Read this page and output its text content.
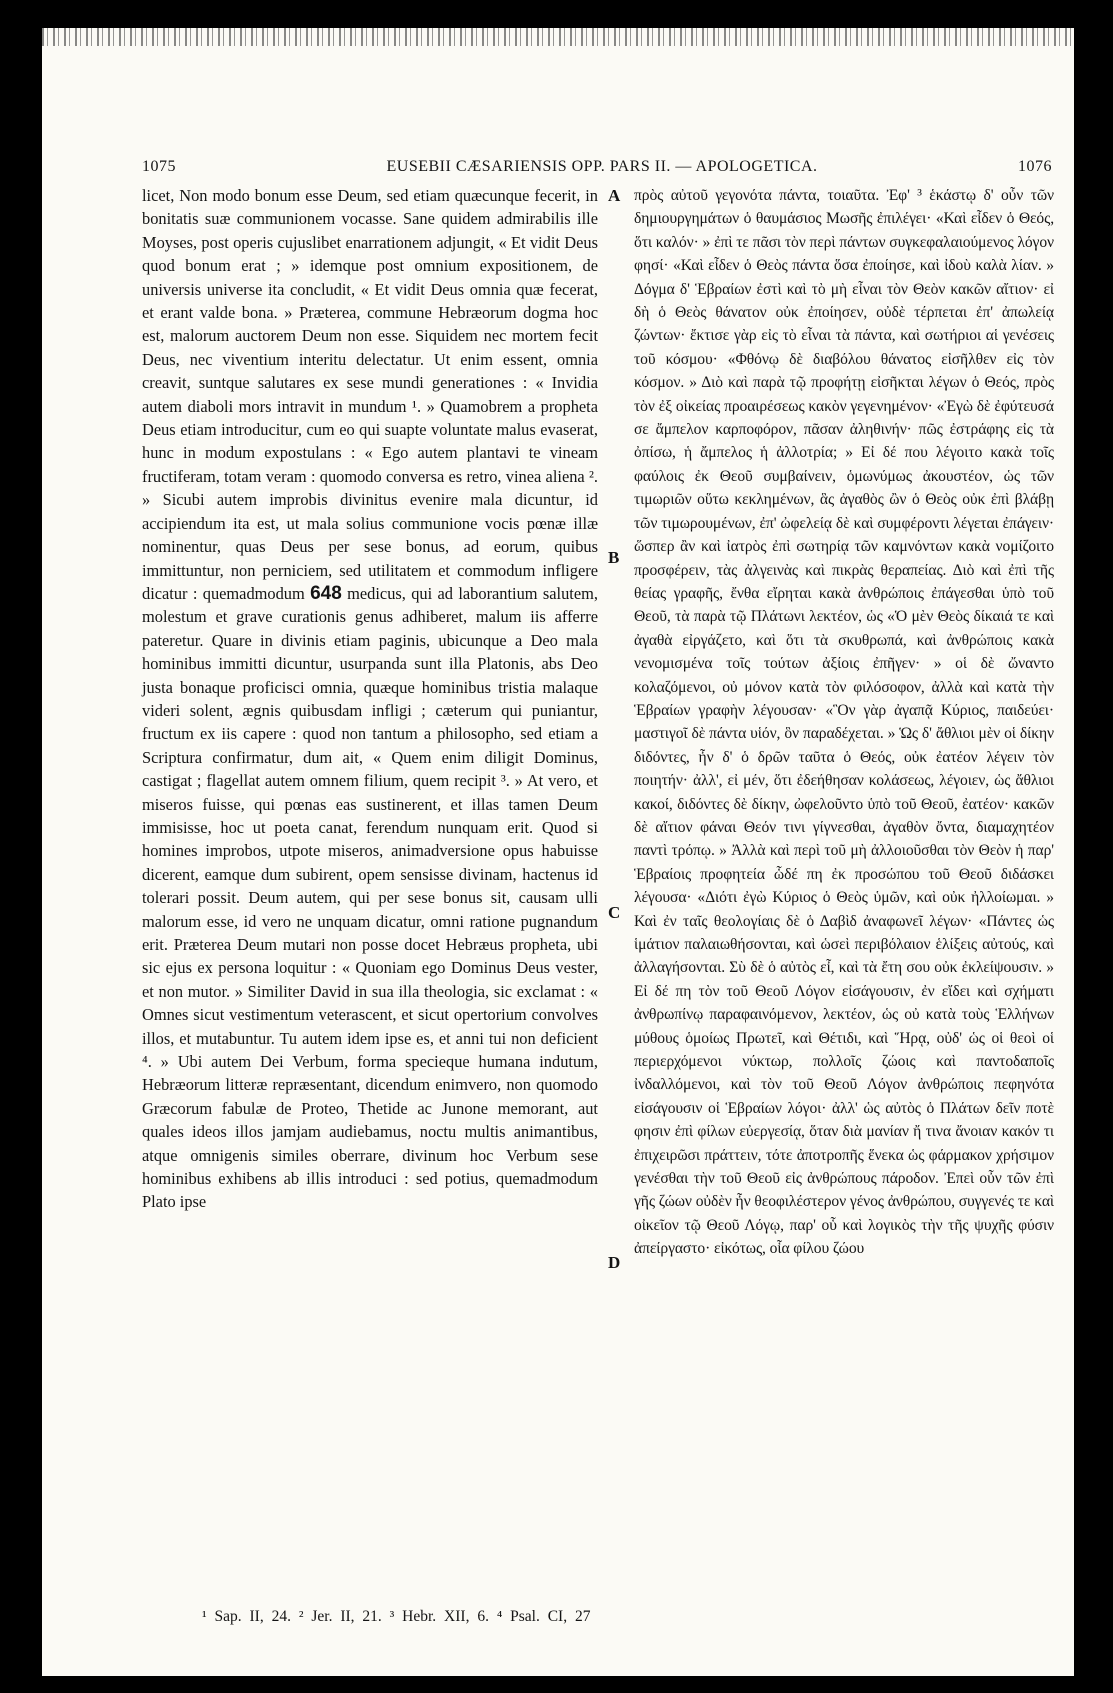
1075	EUSEBII CÆSARIENSIS OPP. PARS II. — APOLOGETICA.	1076

licet, Non modo bonum esse Deum, sed etiam quæcunque fecerit, in bonitatis suæ communionem vocasse. Sane quidem admirabilis ille Moyses, post operis cujuslibet enarrationem adjungit, « Et vidit Deus quod bonum erat ; » idemque post omnium expositionem, de universis universe ita concludit, « Et vidit Deus omnia quæ fecerat, et erant valde bona. » Præterea, commune Hebræorum dogma hoc est, malorum auctorem Deum non esse. Siquidem nec mortem fecit Deus, nec viventium interitu delectatur. Ut enim essent, omnia creavit, suntque salutares ex sese mundi generationes : « Invidia autem diaboli mors intravit in mundum ¹. » Quamobrem a propheta Deus etiam introducitur, cum eo qui suapte voluntate malus evaserat, hunc in modum expostulans : « Ego autem plantavi te vineam fructiferam, totam veram : quomodo conversa es retro, vinea aliena ². » Sicubi autem improbis divinitus evenire mala dicuntur, id accipiendum ita est, ut mala solius communione vocis pœnæ illæ nominentur, quas Deus per sese bonus, ad eorum, quibus immittuntur, non perniciem, sed utilitatem et commodum infligere dicatur : quemadmodum 648 medicus, qui ad laborantium salutem, molestum et grave curationis genus adhiberet, malum iis afferre pateretur. Quare in divinis etiam paginis, ubicunque a Deo mala hominibus immitti dicuntur, usurpanda sunt illa Platonis, abs Deo justa bonaque proficisci omnia, quæque hominibus tristia malaque videri solent, ægnis quibusdam infligi ; cæterum qui puniantur, fructum ex iis capere : quod non tantum a philosopho, sed etiam a Scriptura confirmatur, dum ait, « Quem enim diligit Dominus, castigat ; flagellat autem omnem filium, quem recipit ³. » At vero, et miseros fuisse, qui pœnas eas sustinerent, et illas tamen Deum immisisse, hoc ut poeta canat, ferendum nunquam erit. Quod si homines improbos, utpote miseros, animadversione opus habuisse dicerent, eamque dum subirent, opem sensisse divinam, hactenus id tolerari possit. Deum autem, qui per sese bonus sit, causam ulli malorum esse, id vero ne unquam dicatur, omni ratione pugnandum erit. Præterea Deum mutari non posse docet Hebræus propheta, ubi sic ejus ex persona loquitur : « Quoniam ego Dominus Deus vester, et non mutor. » Similiter David in sua illa theologia, sic exclamat : « Omnes sicut vestimentum veterascent, et sicut opertorium convolves illos, et mutabuntur. Tu autem idem ipse es, et anni tui non deficient ⁴. » Ubi autem Dei Verbum, forma specieque humana indutum, Hebræorum litteræ repræsentant, dicendum enimvero, non quomodo Græcorum fabulæ de Proteo, Thetide ac Junone memorant, aut quales ideos illos jamjam audiebamus, noctu multis animantibus, atque omnigenis similes oberrare, divinum hoc Verbum sese hominibus exhibens ab illis introduci : sed potius, quemadmodum Plato ipse

A
B
C
D

πρὸς αὐτοῦ γεγονότα πάντα, τοιαῦτα. Ἐφ' ³ ἑκάστῳ δ' οὖν τῶν δημιουργημάτων ὁ θαυμάσιος Μωσῆς ἐπιλέγει· «Καὶ εἶδεν ὁ Θεός, ὅτι καλόν· » ἐπὶ τε πᾶσι τὸν περὶ πάντων συγκεφαλαιούμενος λόγον φησί· «Καὶ εἶδεν ὁ Θεὸς πάντα ὅσα ἐποίησε, καὶ ἰδοὺ καλὰ λίαν. » Δόγμα δ' Ἑβραίων ἐστὶ καὶ τὸ μὴ εἶναι τὸν Θεὸν κακῶν αἴτιον· εἰ δὴ ὁ Θεὸς θάνατον οὐκ ἐποίησεν, οὐδὲ τέρπεται ἐπ' ἀπωλείᾳ ζώντων· ἔκτισε γὰρ εἰς τὸ εἶναι τὰ πάντα, καὶ σωτήριοι αἱ γενέσεις τοῦ κόσμου· «Φθόνῳ δὲ διαβόλου θάνατος εἰσῆλθεν εἰς τὸν κόσμον. » Διὸ καὶ παρὰ τῷ προφήτῃ εἰσῆκται λέγων ὁ Θεός, πρὸς τὸν ἐξ οἰκείας προαιρέσεως κακὸν γεγενημένον· «Ἐγὼ δὲ ἐφύτευσά σε ἄμπελον καρποφόρον, πᾶσαν ἀληθινήν· πῶς ἐστράφης εἰς τὰ ὀπίσω, ἡ ἄμπελος ἡ ἀλλοτρία; » Εἰ δέ που λέγοιτο κακὰ τοῖς φαύλοις ἐκ Θεοῦ συμβαίνειν, ὁμωνύμως ἀκουστέον, ὡς τῶν τιμωριῶν οὕτω κεκλημένων, ἃς ἀγαθὸς ὢν ὁ Θεὸς οὐκ ἐπὶ βλάβῃ τῶν τιμωρουμένων, ἐπ' ὠφελείᾳ δὲ καὶ συμφέροντι λέγεται ἐπάγειν· ὥσπερ ἂν καὶ ἰατρὸς ἐπὶ σωτηρίᾳ τῶν καμνόντων κακὰ νομίζοιτο προσφέρειν, τὰς ἀλγεινὰς καὶ πικρὰς θεραπείας. Διὸ καὶ ἐπὶ τῆς θείας γραφῆς, ἔνθα εἴρηται κακὰ ἀνθρώποις ἐπάγεσθαι ὑπὸ τοῦ Θεοῦ, τὰ παρὰ τῷ Πλάτωνι λεκτέον, ὡς «Ὁ μὲν Θεὸς δίκαιά τε καὶ ἀγαθὰ εἰργάζετο, καὶ ὅτι τὰ σκυθρωπά, καὶ ἀνθρώποις κακὰ νενομισμένα τοῖς τούτων ἀξίοις ἐπῆγεν· » οἱ δὲ ὤναντο κολαζόμενοι, οὐ μόνον κατὰ τὸν φιλόσοφον, ἀλλὰ καὶ κατὰ τὴν Ἑβραίων γραφὴν λέγουσαν· «Ὃν γὰρ ἀγαπᾷ Κύριος, παιδεύει· μαστιγοῖ δὲ πάντα υἱόν, ὃν παραδέχεται. » Ὡς δ' ἄθλιοι μὲν οἱ δίκην διδόντες, ἦν δ' ὁ δρῶν ταῦτα ὁ Θεός, οὐκ ἐατέον λέγειν τὸν ποιητήν· ἀλλ', εἰ μέν, ὅτι ἐδεήθησαν κολάσεως, λέγοιεν, ὡς ἄθλιοι κακοί, διδόντες δὲ δίκην, ὠφελοῦντο ὑπὸ τοῦ Θεοῦ, ἐατέον· κακῶν δὲ αἴτιον φάναι Θεόν τινι γίγνεσθαι, ἀγαθὸν ὄντα, διαμαχητέον παντὶ τρόπῳ. » Ἀλλὰ καὶ περὶ τοῦ μὴ ἀλλοιοῦσθαι τὸν Θεὸν ἡ παρ' Ἑβραίοις προφητεία ὧδέ πη ἐκ προσώπου τοῦ Θεοῦ διδάσκει λέγουσα· «Διότι ἐγὼ Κύριος ὁ Θεὸς ὑμῶν, καὶ οὐκ ἠλλοίωμαι. » Καὶ ἐν ταῖς θεολογίαις δὲ ὁ Δαβὶδ ἀναφωνεῖ λέγων· «Πάντες ὡς ἱμάτιον παλαιωθήσονται, καὶ ὡσεὶ περιβόλαιον ἑλίξεις αὐτούς, καὶ ἀλλαγήσονται. Σὺ δὲ ὁ αὐτὸς εἶ, καὶ τὰ ἔτη σου οὐκ ἐκλείψουσιν. » Εἰ δέ πη τὸν τοῦ Θεοῦ Λόγον εἰσάγουσιν, ἐν εἴδει καὶ σχήματι ἀνθρωπίνῳ παραφαινόμενον, λεκτέον, ὡς οὐ κατὰ τοὺς Ἑλλήνων μύθους ὁμοίως Πρωτεῖ, καὶ Θέτιδι, καὶ Ἥρᾳ, οὐδ' ὡς οἱ θεοὶ οἱ περιερχόμενοι νύκτωρ, πολλοῖς ζώοις καὶ παντοδαποῖς ἰνδαλλόμενοι, καὶ τὸν τοῦ Θεοῦ Λόγον ἀνθρώποις πεφηνότα εἰσάγουσιν οἱ Ἑβραίων λόγοι· ἀλλ' ὡς αὐτὸς ὁ Πλάτων δεῖν ποτὲ φησιν ἐπὶ φίλων εὐεργεσίᾳ, ὅταν διὰ μανίαν ἤ τινα ἄνοιαν κακόν τι ἐπιχειρῶσι πράττειν, τότε ἀποτροπῆς ἕνεκα ὡς φάρμακον χρήσιμον γενέσθαι τὴν τοῦ Θεοῦ εἰς ἀνθρώπους πάροδον. Ἐπεὶ οὖν τῶν ἐπὶ γῆς ζώων οὐδὲν ἦν θεοφιλέστερον γένος ἀνθρώπου, συγγενές τε καὶ οἰκεῖον τῷ Θεοῦ Λόγῳ, παρ' οὗ καὶ λογικὸς τὴν τῆς ψυχῆς φύσιν ἀπείργαστο· εἰκότως, οἷα φίλου ζώου

¹ Sap. II, 24. ² Jer. II, 21. ³ Hebr. XII, 6. ⁴ Psal. CI, 27
